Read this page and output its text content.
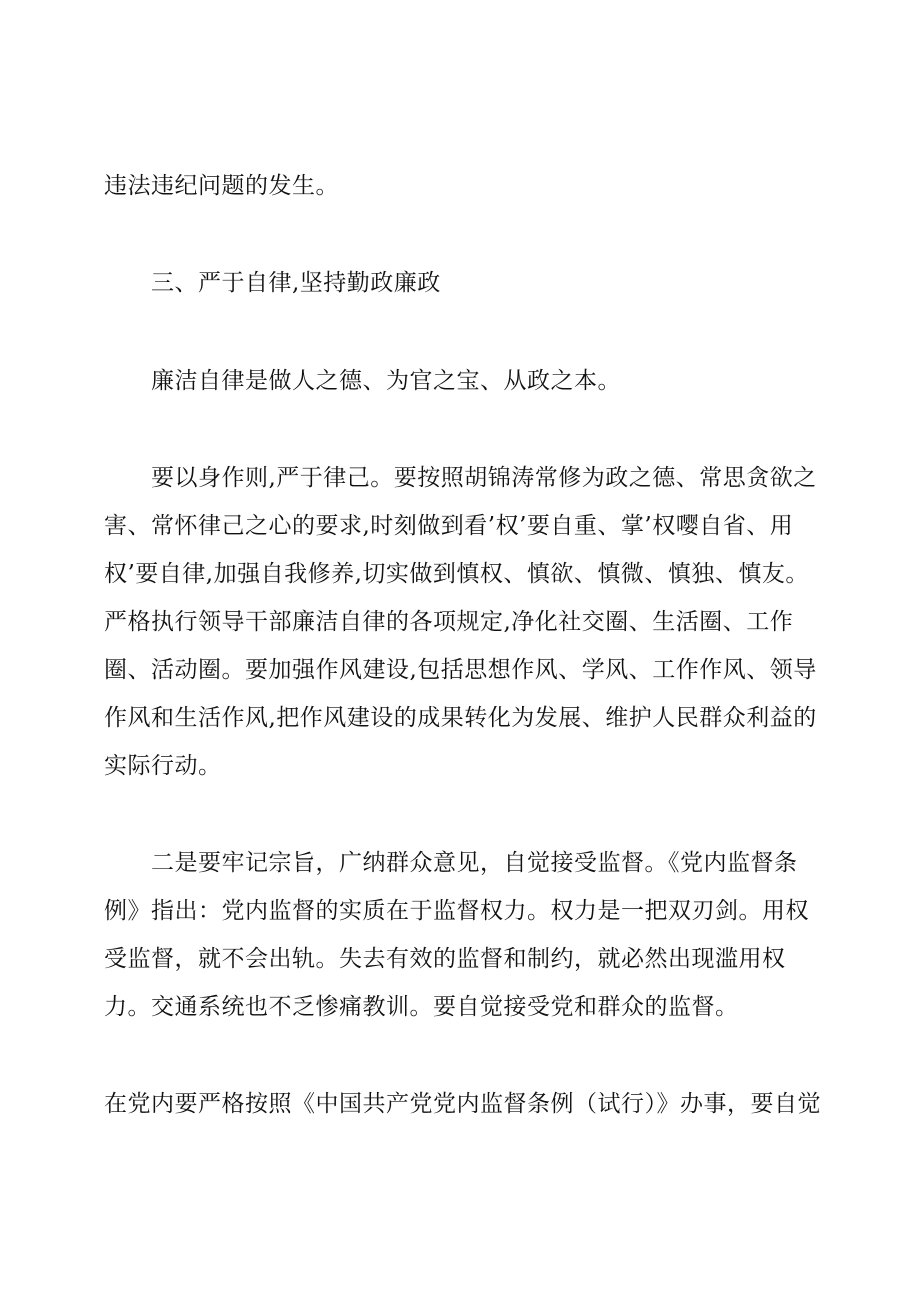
违法违纪问题的发生。
三、严于自律,坚持勤政廉政
廉洁自律是做人之德、为官之宝、从政之本。
要以身作则,严于律己。要按照胡锦涛常修为政之德、常思贪欲之
害、常怀律己之心的要求,时刻做到看’权’要自重、掌’权嘤自省、用
权’要自律,加强自我修养,切实做到慎权、慎欲、慎微、慎独、慎友。
严格执行领导干部廉洁自律的各项规定,净化社交圈、生活圈、工作
圈、活动圈。要加强作风建设,包括思想作风、学风、工作作风、领导
作风和生活作风,把作风建设的成果转化为发展、维护人民群众利益的
实际行动。
二是要牢记宗旨，广纳群众意见，自觉接受监督。《党内监督条
例》指出：党内监督的实质在于监督权力。权力是一把双刃剑。用权
受监督，就不会出轨。失去有效的监督和制约，就必然出现滥用权
力。交通系统也不乏惨痛教训。要自觉接受党和群众的监督。
在党内要严格按照《中国共产党党内监督条例（试行）》办事，要自觉
